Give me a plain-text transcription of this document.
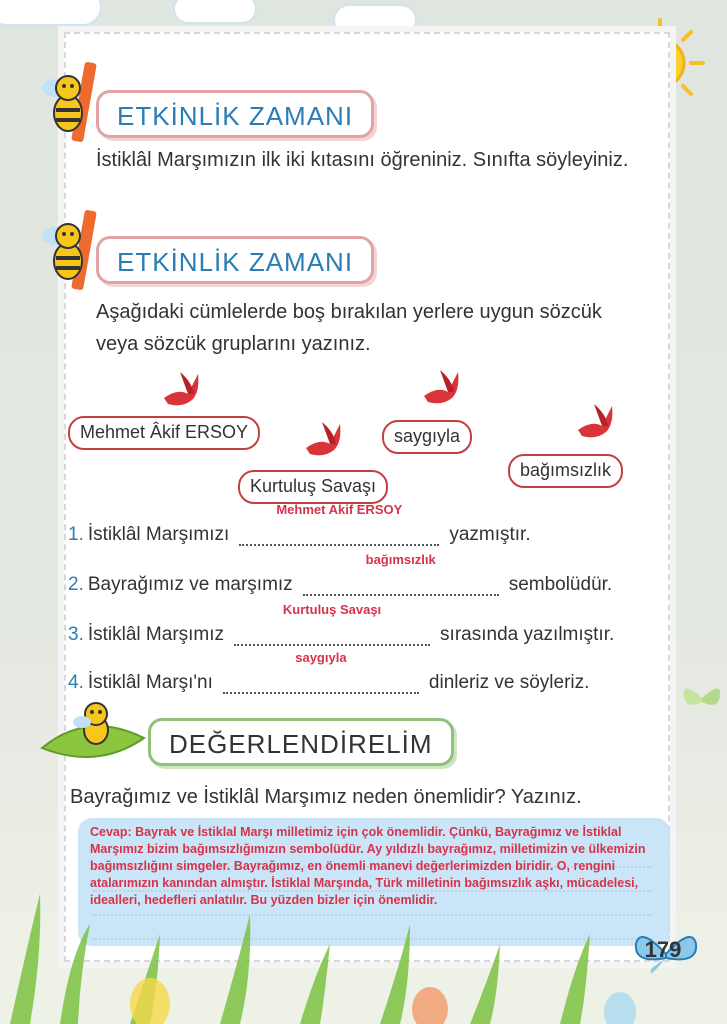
ETKİNLİK ZAMANI
İstiklâl Marşımızın ilk iki kıtasını öğreniniz. Sınıfta söyleyiniz.
ETKİNLİK ZAMANI
Aşağıdaki cümlelerde boş bırakılan yerlere uygun sözcük
veya sözcük gruplarını yazınız.
Mehmet Âkif ERSOY	saygıyla
Kurtuluş Savaşı
bağımsızlık
1. İstiklâl Marşımızı
Mehmet Akif ERSOY
yazmıştır.
2. Bayrağımız ve marşımız
bağımsızlık
sembolüdür.
3. İstiklâl Marşımız
Kurtuluş Savaşı
sırasında yazılmıştır.
4. İstiklâl Marşı'nı
saygıyla
dinleriz ve söyleriz.
DEĞERLENDİRELİM
Bayrağımız ve İstiklâl Marşımız neden önemlidir? Yazınız.
Cevap: Bayrak ve İstiklal Marşı milletimiz için çok önemlidir. Çünkü, Bayrağımız ve İstiklal Marşımız bizim bağımsızlığımızın sembolüdür. Ay yıldızlı bayrağımız, milletimizin ve ülkemizin bağımsızlığını simgeler. Bayrağımız, en önemli manevi değerlerimizden biridir. O, rengini atalarımızın kanından almıştır. İstiklal Marşında, Türk milletinin bağımsızlık aşkı, mücadelesi, idealleri, hedefleri anlatılır. Bu yüzden bizler için önemlidir.
179
